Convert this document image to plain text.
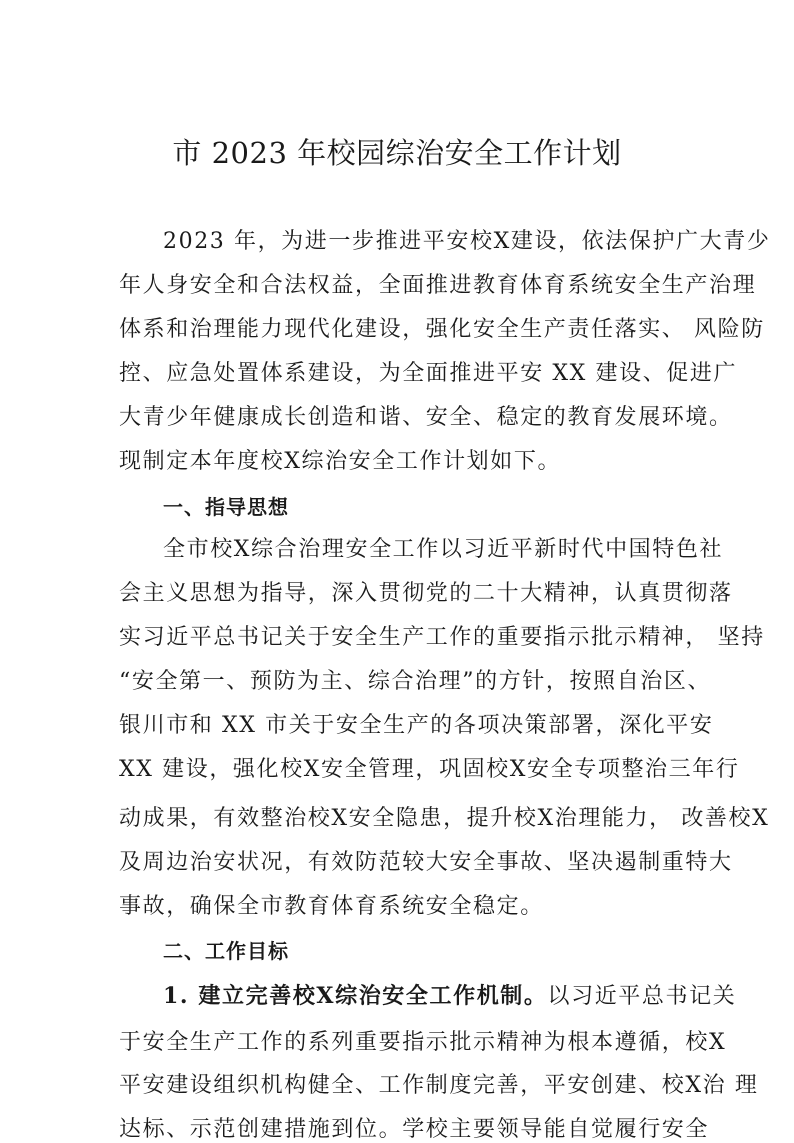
市 2023 年校园综治安全工作计划

2023 年，为进一步推进平安校X建设，依法保护广大青少

年人身安全和合法权益，全面推进教育体育系统安全生产治理

体系和治理能力现代化建设，强化安全生产责任落实、 风险防

控、应急处置体系建设，为全面推进平安 XX 建设、促进广

大青少年健康成长创造和谐、安全、稳定的教育发展环境。

现制定本年度校X综治安全工作计划如下。

一、指导思想

全市校X综合治理安全工作以习近平新时代中国特色社

会主义思想为指导，深入贯彻党的二十大精神，认真贯彻落

实习近平总书记关于安全生产工作的重要指示批示精神， 坚持

“安全第一、预防为主、综合治理”的方针，按照自治区、

银川市和 XX 市关于安全生产的各项决策部署，深化平安

XX 建设，强化校X安全管理，巩固校X安全专项整治三年行

动成果，有效整治校X安全隐患，提升校X治理能力， 改善校X

及周边治安状况，有效防范较大安全事故、坚决遏制重特大

事故，确保全市教育体育系统安全稳定。

二、工作目标

1. 建立完善校X综治安全工作机制。以习近平总书记关

于安全生产工作的系列重要指示批示精神为根本遵循，校X

平安建设组织机构健全、工作制度完善，平安创建、校X治 理

达标、示范创建措施到位。学校主要领导能自觉履行安全
